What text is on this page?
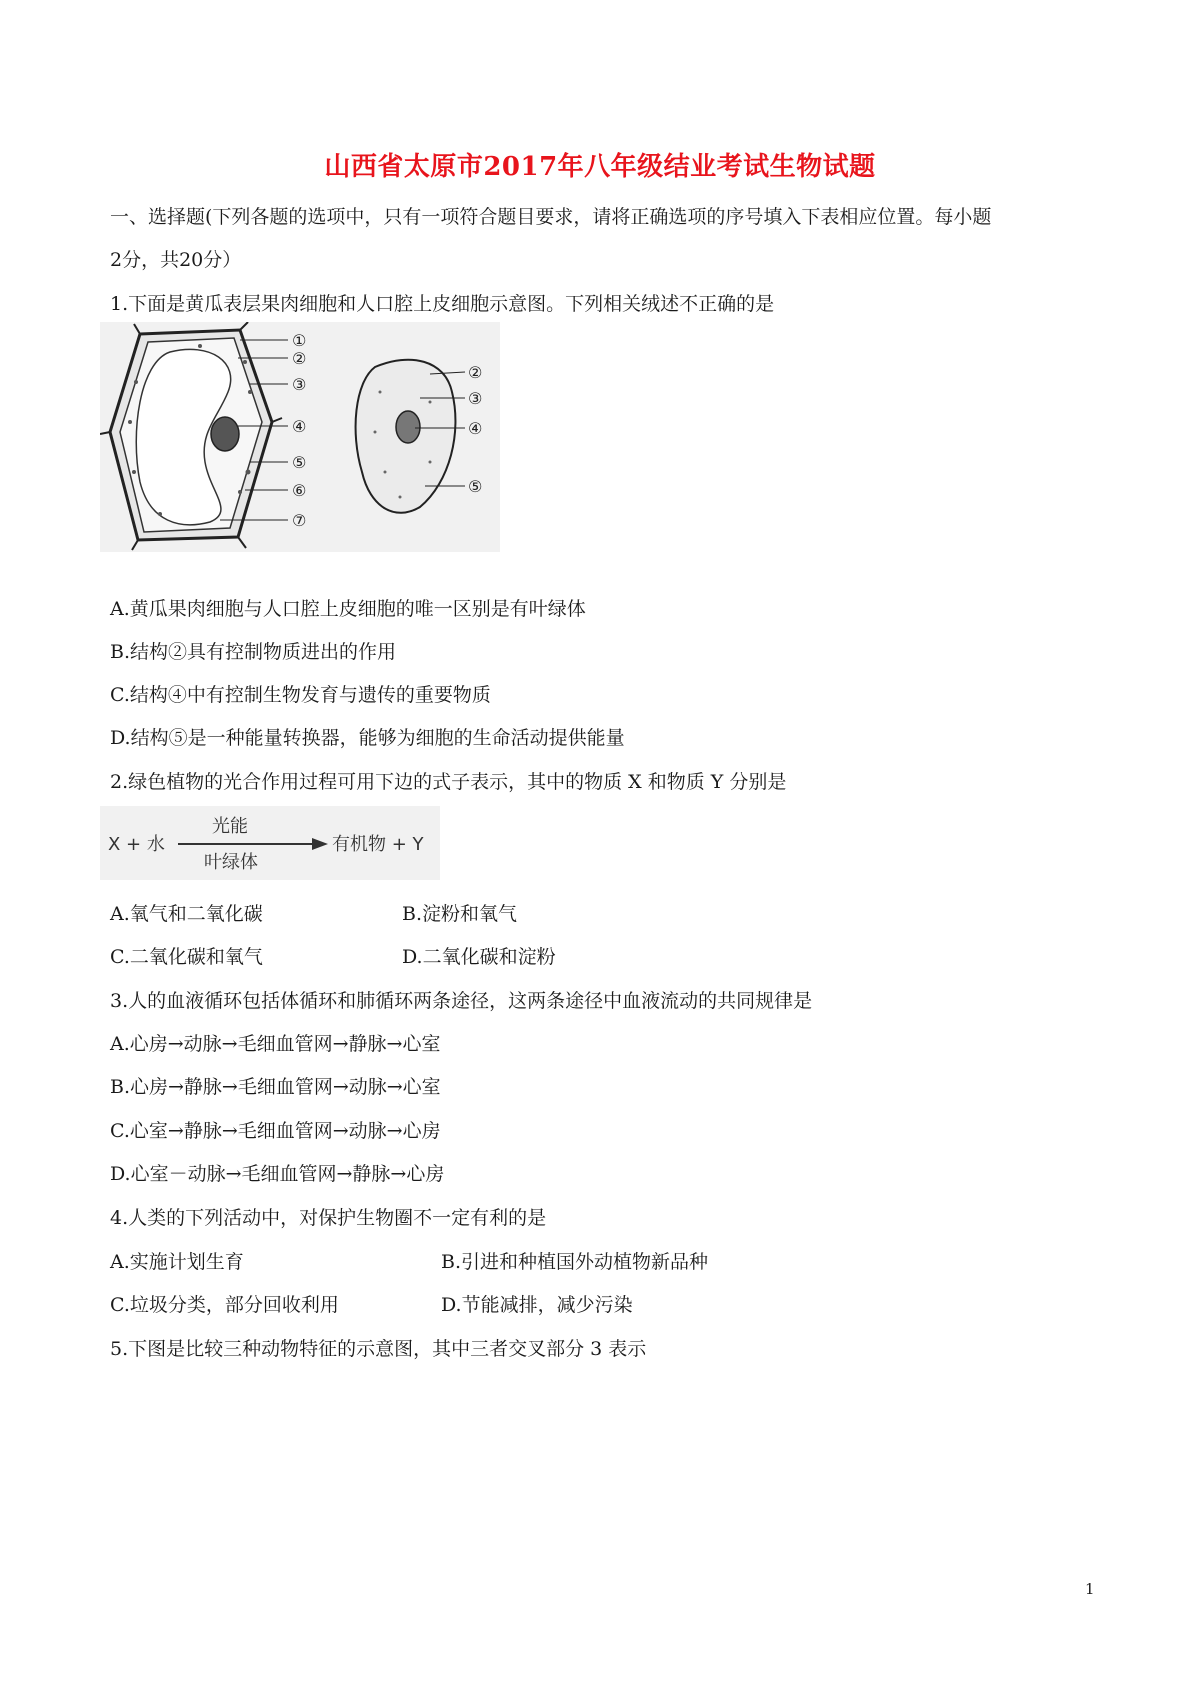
山西省太原市2017年八年级结业考试生物试题
一、选择题(下列各题的选项中，只有一项符合题目要求，请将正确选项的序号填入下表相应位置。每小题
2分，共20分）
1.下面是黄瓜表层果肉细胞和人口腔上皮细胞示意图。下列相关绒述不正确的是
①
②
③
④
⑤
⑥
⑦
②
③
④
⑤
A.黄瓜果肉细胞与人口腔上皮细胞的唯一区别是有叶绿体
B.结构②具有控制物质进出的作用
C.结构④中有控制生物发育与遗传的重要物质
D.结构⑤是一种能量转换器，能够为细胞的生命活动提供能量
2.绿色植物的光合作用过程可用下边的式子表示，其中的物质 X 和物质 Y 分别是
X + 水
光能
叶绿体
有机物 + Y
A.氧气和二氧化碳	B.淀粉和氧气
C.二氧化碳和氧气	D.二氧化碳和淀粉
3.人的血液循环包括体循环和肺循环两条途径，这两条途径中血液流动的共同规律是
A.心房→动脉→毛细血管网→静脉→心室
B.心房→静脉→毛细血管网→动脉→心室
C.心室→静脉→毛细血管网→动脉→心房
D.心室－动脉→毛细血管网→静脉→心房
4.人类的下列活动中，对保护生物圈不一定有利的是
A.实施计划生育	B.引进和种植国外动植物新品种
C.垃圾分类，部分回收利用	D.节能减排，减少污染
5.下图是比较三种动物特征的示意图，其中三者交叉部分 3 表示
1
